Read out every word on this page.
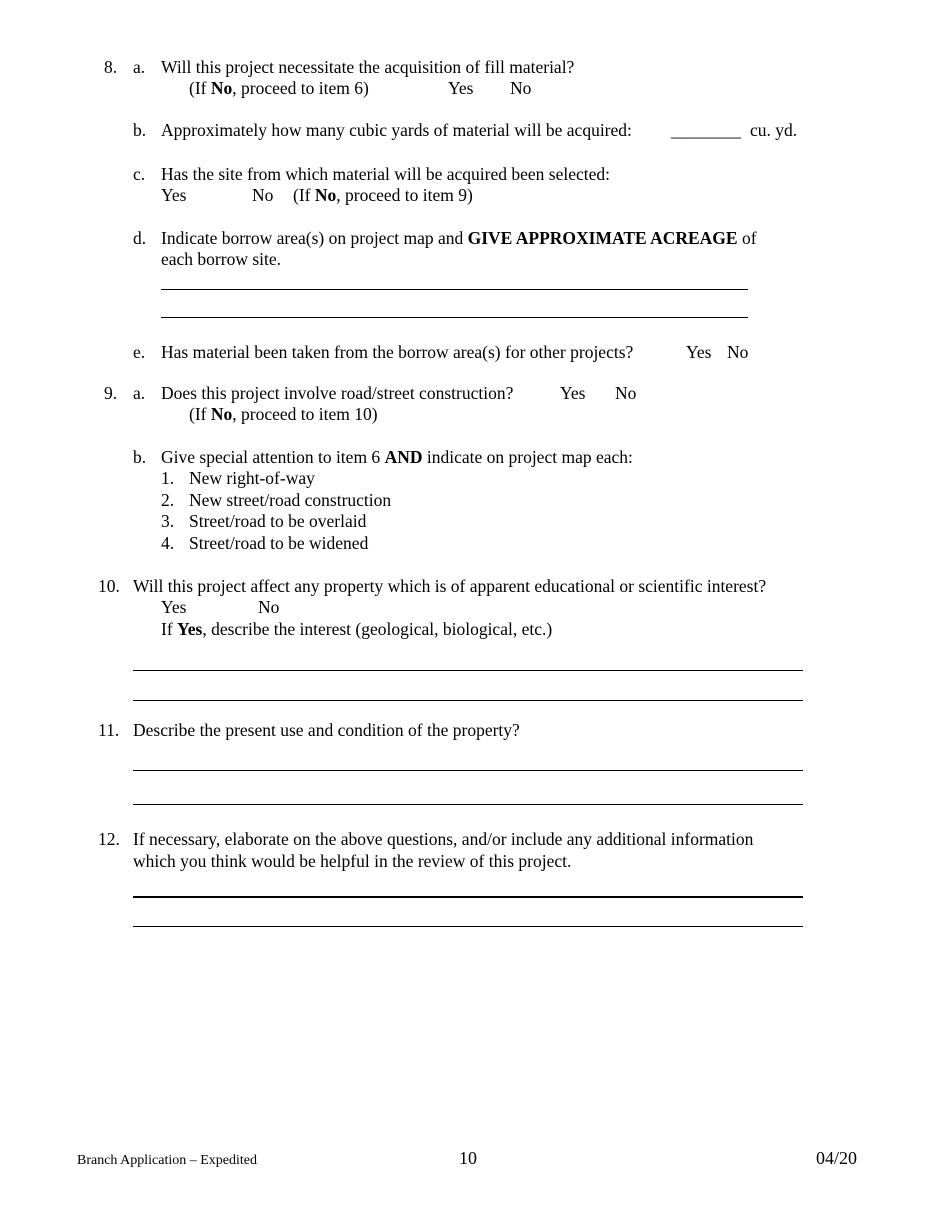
8. a. Will this project necessitate the acquisition of fill material?
(If No, proceed to item 6)	Yes No
b. Approximately how many cubic yards of material will be acquired: ________ cu. yd.
c. Has the site from which material will be acquired been selected:
Yes	No (If No, proceed to item 9)
d. Indicate borrow area(s) on project map and GIVE APPROXIMATE ACREAGE of
each borrow site.
e. Has material been taken from the borrow area(s) for other projects?	Yes No
9. a. Does this project involve road/street construction?	Yes No
(If No, proceed to item 10)
b. Give special attention to item 6 AND indicate on project map each:
1. New right-of-way
2. New street/road construction
3. Street/road to be overlaid
4. Street/road to be widened
10. Will this project affect any property which is of apparent educational or scientific interest?
Yes	No
If Yes, describe the interest (geological, biological, etc.)
11. Describe the present use and condition of the property?
12. If necessary, elaborate on the above questions, and/or include any additional information
which you think would be helpful in the review of this project.
Branch Application – Expedited	10	04/20
